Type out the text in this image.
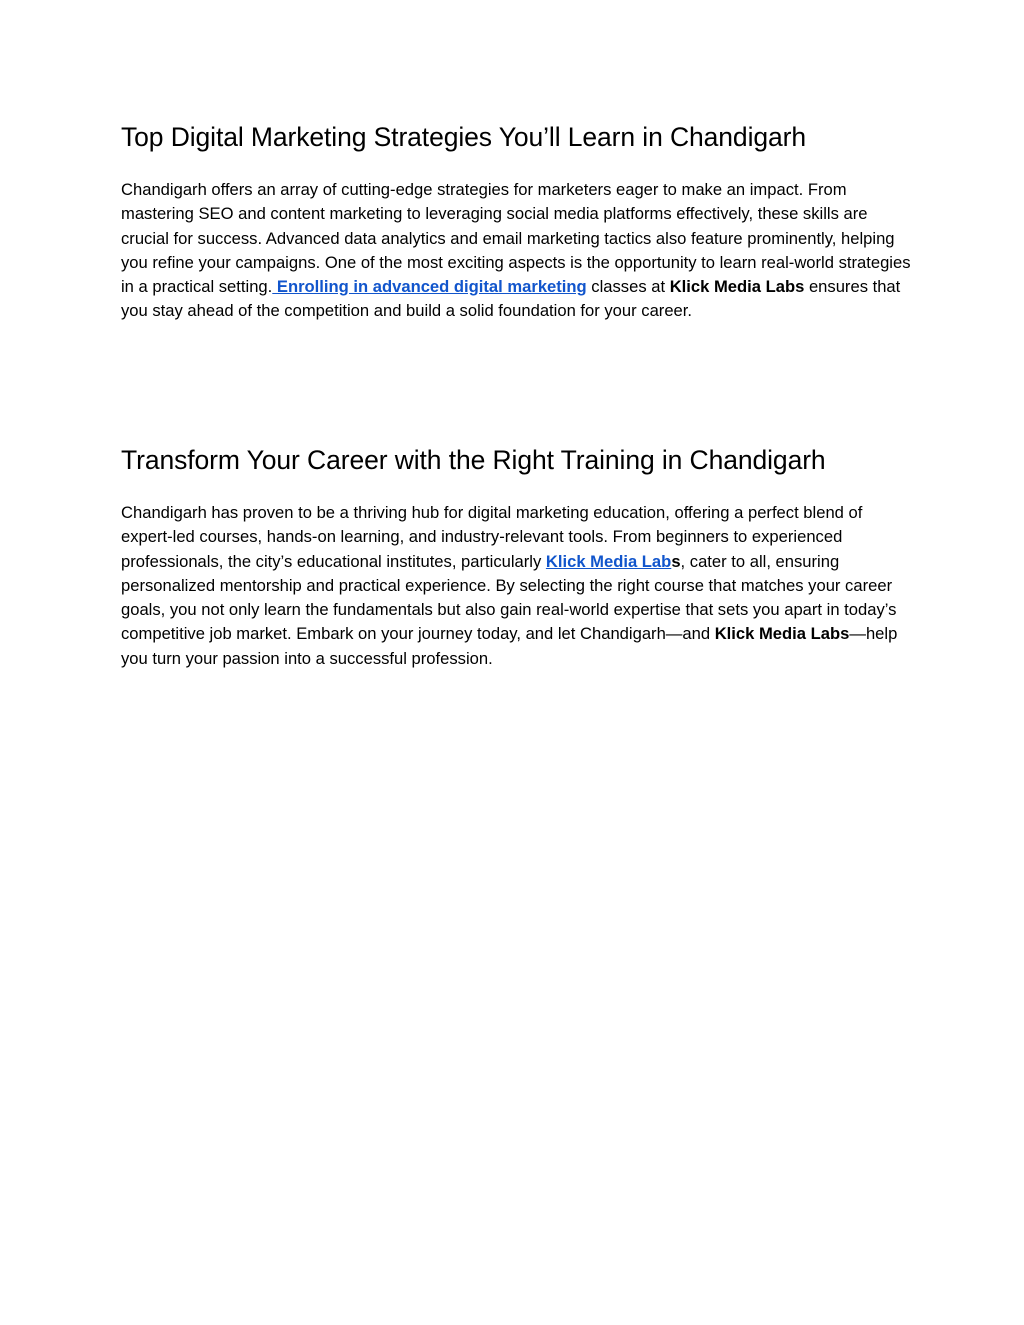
Top Digital Marketing Strategies You’ll Learn in Chandigarh

Chandigarh offers an array of cutting-edge strategies for marketers eager to make an impact. From mastering SEO and content marketing to leveraging social media platforms effectively, these skills are crucial for success. Advanced data analytics and email marketing tactics also feature prominently, helping you refine your campaigns. One of the most exciting aspects is the opportunity to learn real-world strategies in a practical setting. Enrolling in advanced digital marketing classes at Klick Media Labs ensures that you stay ahead of the competition and build a solid foundation for your career.

Transform Your Career with the Right Training in Chandigarh

Chandigarh has proven to be a thriving hub for digital marketing education, offering a perfect blend of expert-led courses, hands-on learning, and industry-relevant tools. From beginners to experienced professionals, the city’s educational institutes, particularly Klick Media Labs, cater to all, ensuring personalized mentorship and practical experience. By selecting the right course that matches your career goals, you not only learn the fundamentals but also gain real-world expertise that sets you apart in today’s competitive job market. Embark on your journey today, and let Chandigarh—and Klick Media Labs—help you turn your passion into a successful profession.
